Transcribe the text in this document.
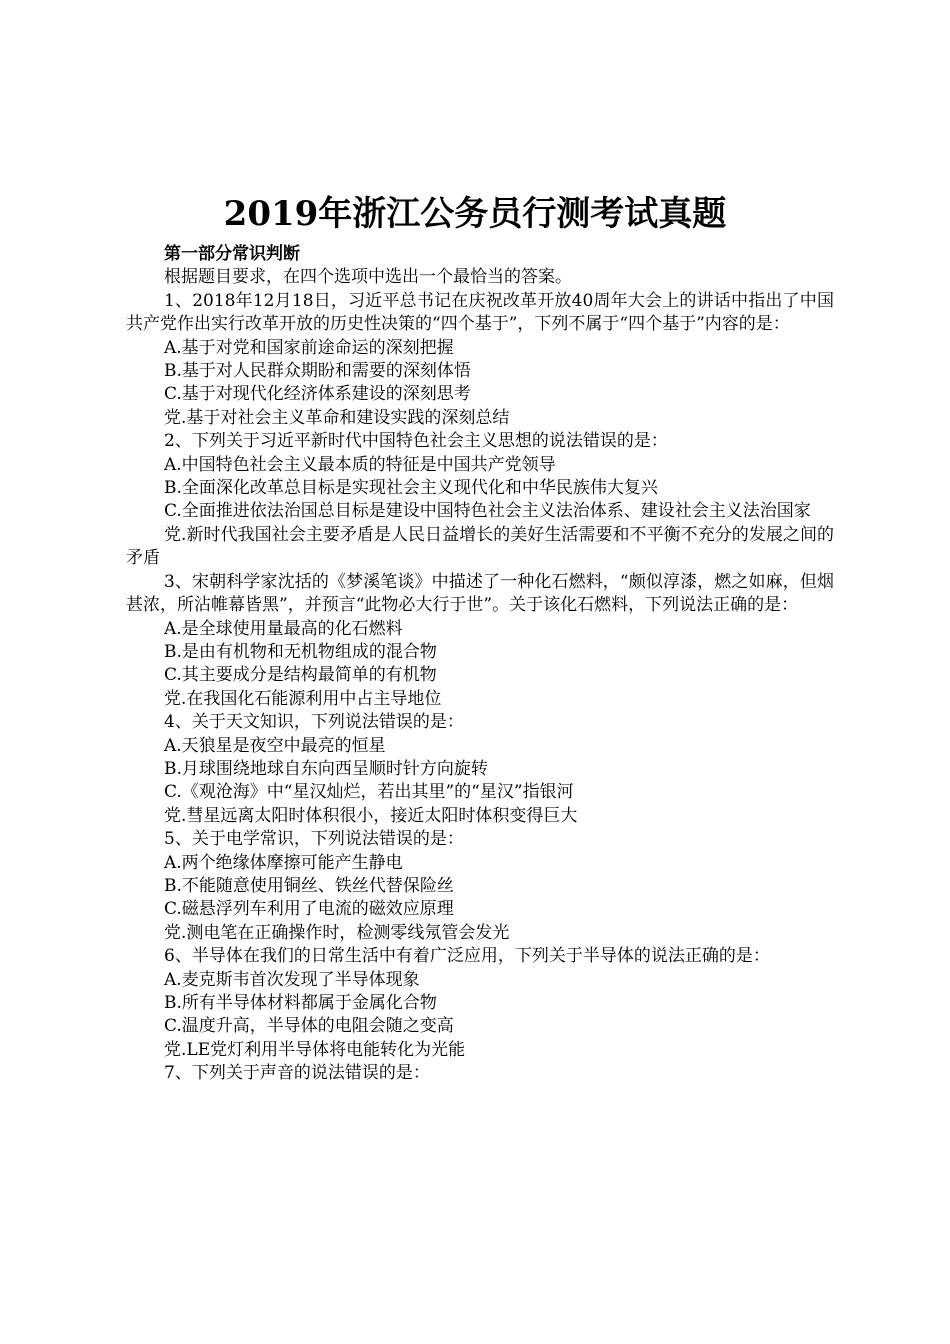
2019年浙江公务员行测考试真题

第一部分常识判断

根据题目要求，在四个选项中选出一个最恰当的答案。

1、2018年12月18日，习近平总书记在庆祝改革开放40周年大会上的讲话中指出了中国共产党作出实行改革开放的历史性决策的“四个基于”，下列不属于“四个基于”内容的是：

A.基于对党和国家前途命运的深刻把握

B.基于对人民群众期盼和需要的深刻体悟

C.基于对现代化经济体系建设的深刻思考

党.基于对社会主义革命和建设实践的深刻总结

2、下列关于习近平新时代中国特色社会主义思想的说法错误的是：

A.中国特色社会主义最本质的特征是中国共产党领导

B.全面深化改革总目标是实现社会主义现代化和中华民族伟大复兴

C.全面推进依法治国总目标是建设中国特色社会主义法治体系、建设社会主义法治国家

党.新时代我国社会主要矛盾是人民日益增长的美好生活需要和不平衡不充分的发展之间的矛盾

3、宋朝科学家沈括的《梦溪笔谈》中描述了一种化石燃料，“颇似淳漆，燃之如麻，但烟甚浓，所沾帷幕皆黑”，并预言“此物必大行于世”。关于该化石燃料，下列说法正确的是：

A.是全球使用量最高的化石燃料

B.是由有机物和无机物组成的混合物

C.其主要成分是结构最简单的有机物

党.在我国化石能源利用中占主导地位

4、关于天文知识，下列说法错误的是：

A.天狼星是夜空中最亮的恒星

B.月球围绕地球自东向西呈顺时针方向旋转

C.《观沧海》中“星汉灿烂，若出其里”的“星汉”指银河

党.彗星远离太阳时体积很小，接近太阳时体积变得巨大

5、关于电学常识，下列说法错误的是：

A.两个绝缘体摩擦可能产生静电

B.不能随意使用铜丝、铁丝代替保险丝

C.磁悬浮列车利用了电流的磁效应原理

党.测电笔在正确操作时，检测零线氖管会发光

6、半导体在我们的日常生活中有着广泛应用，下列关于半导体的说法正确的是：

A.麦克斯韦首次发现了半导体现象

B.所有半导体材料都属于金属化合物

C.温度升高，半导体的电阻会随之变高

党.LE党灯利用半导体将电能转化为光能

7、下列关于声音的说法错误的是：
